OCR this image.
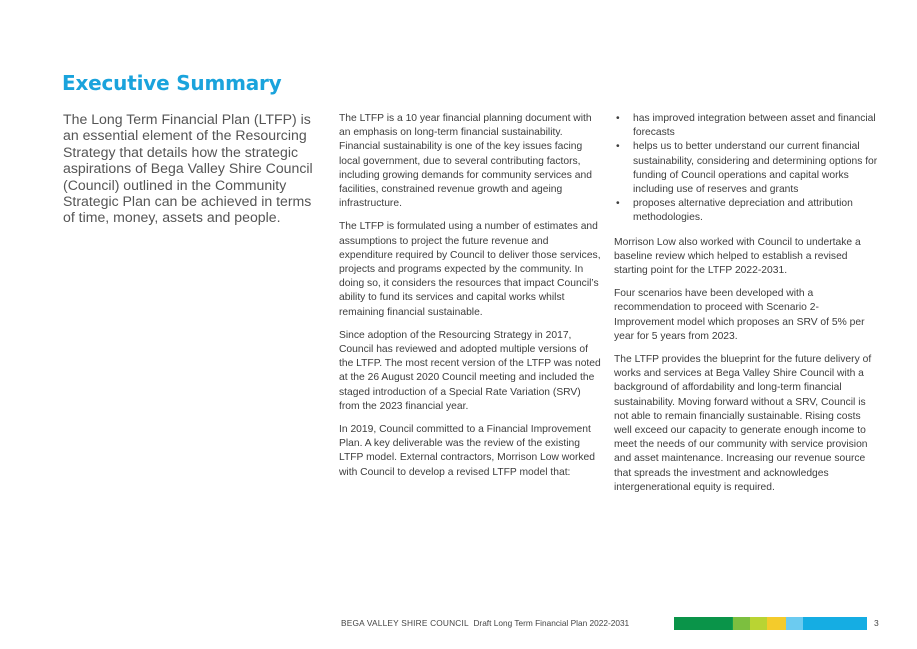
Executive Summary

The Long Term Financial Plan (LTFP) is an essential element of the Resourcing Strategy that details how the strategic aspirations of Bega Valley Shire Council (Council) outlined in the Community Strategic Plan can be achieved in terms of time, money, assets and people.

The LTFP is a 10 year financial planning document with an emphasis on long-term financial sustainability. Financial sustainability is one of the key issues facing local government, due to several contributing factors, including growing demands for community services and facilities, constrained revenue growth and ageing infrastructure.

The LTFP is formulated using a number of estimates and assumptions to project the future revenue and expenditure required by Council to deliver those services, projects and programs expected by the community. In doing so, it considers the resources that impact Council’s ability to fund its services and capital works whilst remaining financial sustainable.

Since adoption of the Resourcing Strategy in 2017, Council has reviewed and adopted multiple versions of the LTFP. The most recent version of the LTFP was noted at the 26 August 2020 Council meeting and included the staged introduction of a Special Rate Variation (SRV) from the 2023 financial year.

In 2019, Council committed to a Financial Improvement Plan. A key deliverable was the review of the existing LTFP model. External contractors, Morrison Low worked with Council to develop a revised LTFP model that:

• has improved integration between asset and financial forecasts
• helps us to better understand our current financial sustainability, considering and determining options for funding of Council operations and capital works including use of reserves and grants
• proposes alternative depreciation and attribution methodologies.

Morrison Low also worked with Council to undertake a baseline review which helped to establish a revised starting point for the LTFP 2022-2031.

Four scenarios have been developed with a recommendation to proceed with Scenario 2- Improvement model which proposes an SRV of 5% per year for 5 years from 2023.

The LTFP provides the blueprint for the future delivery of works and services at Bega Valley Shire Council with a background of affordability and long-term financial sustainability. Moving forward without a SRV, Council is not able to remain financially sustainable. Rising costs well exceed our capacity to generate enough income to meet the needs of our community with service provision and asset maintenance. Increasing our revenue source that spreads the investment and acknowledges intergenerational equity is required.

BEGA VALLEY SHIRE COUNCIL Draft Long Term Financial Plan 2022-2031	3
